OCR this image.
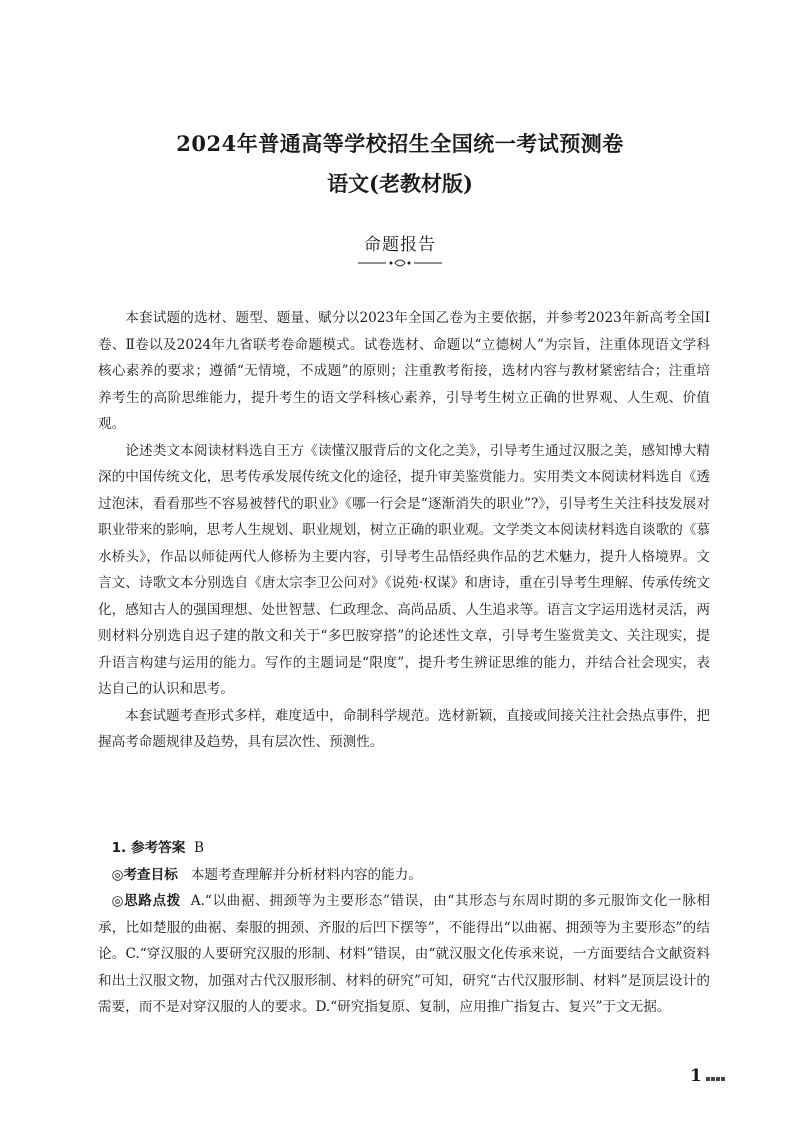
2024年普通高等学校招生全国统一考试预测卷
语文(老教材版)
命题报告

本套试题的选材、题型、题量、赋分以2023年全国乙卷为主要依据，并参考2023年新高考全国Ⅰ卷、Ⅱ卷以及2024年九省联考卷命题模式。试卷选材、命题以“立德树人”为宗旨，注重体现语文学科核心素养的要求；遵循“无情境，不成题”的原则；注重教考衔接，选材内容与教材紧密结合；注重培养考生的高阶思维能力，提升考生的语文学科核心素养，引导考生树立正确的世界观、人生观、价值观。

论述类文本阅读材料选自王方《读懂汉服背后的文化之美》，引导考生通过汉服之美，感知博大精深的中国传统文化，思考传承发展传统文化的途径，提升审美鉴赏能力。实用类文本阅读材料选自《透过泡沫，看看那些不容易被替代的职业》《哪一行会是“逐渐消失的职业”?》，引导考生关注科技发展对职业带来的影响，思考人生规划、职业规划，树立正确的职业观。文学类文本阅读材料选自谈歌的《慕水桥头》，作品以师徒两代人修桥为主要内容，引导考生品悟经典作品的艺术魅力，提升人格境界。文言文、诗歌文本分别选自《唐太宗李卫公问对》《说苑·权谋》和唐诗，重在引导考生理解、传承传统文化，感知古人的强国理想、处世智慧、仁政理念、高尚品质、人生追求等。语言文字运用选材灵活，两则材料分别选自迟子建的散文和关于“多巴胺穿搭”的论述性文章，引导考生鉴赏美文、关注现实，提升语言构建与运用的能力。写作的主题词是“限度”，提升考生辨证思维的能力，并结合社会现实，表达自己的认识和思考。

本套试题考查形式多样，难度适中，命制科学规范。选材新颖，直接或间接关注社会热点事件，把握高考命题规律及趋势，具有层次性、预测性。

1. 参考答案 B

◎考查目标 本题考查理解并分析材料内容的能力。

◎思路点拨 A.“以曲裾、拥颈等为主要形态”错误，由“其形态与东周时期的多元服饰文化一脉相承，比如楚服的曲裾、秦服的拥颈、齐服的后凹下摆等”，不能得出“以曲裾、拥颈等为主要形态”的结论。C.“穿汉服的人要研究汉服的形制、材料”错误，由“就汉服文化传承来说，一方面要结合文献资料和出土汉服文物，加强对古代汉服形制、材料的研究”可知，研究“古代汉服形制、材料”是顶层设计的需要，而不是对穿汉服的人的要求。D.“研究指复原、复制，应用推广指复古、复兴”于文无据。

1
